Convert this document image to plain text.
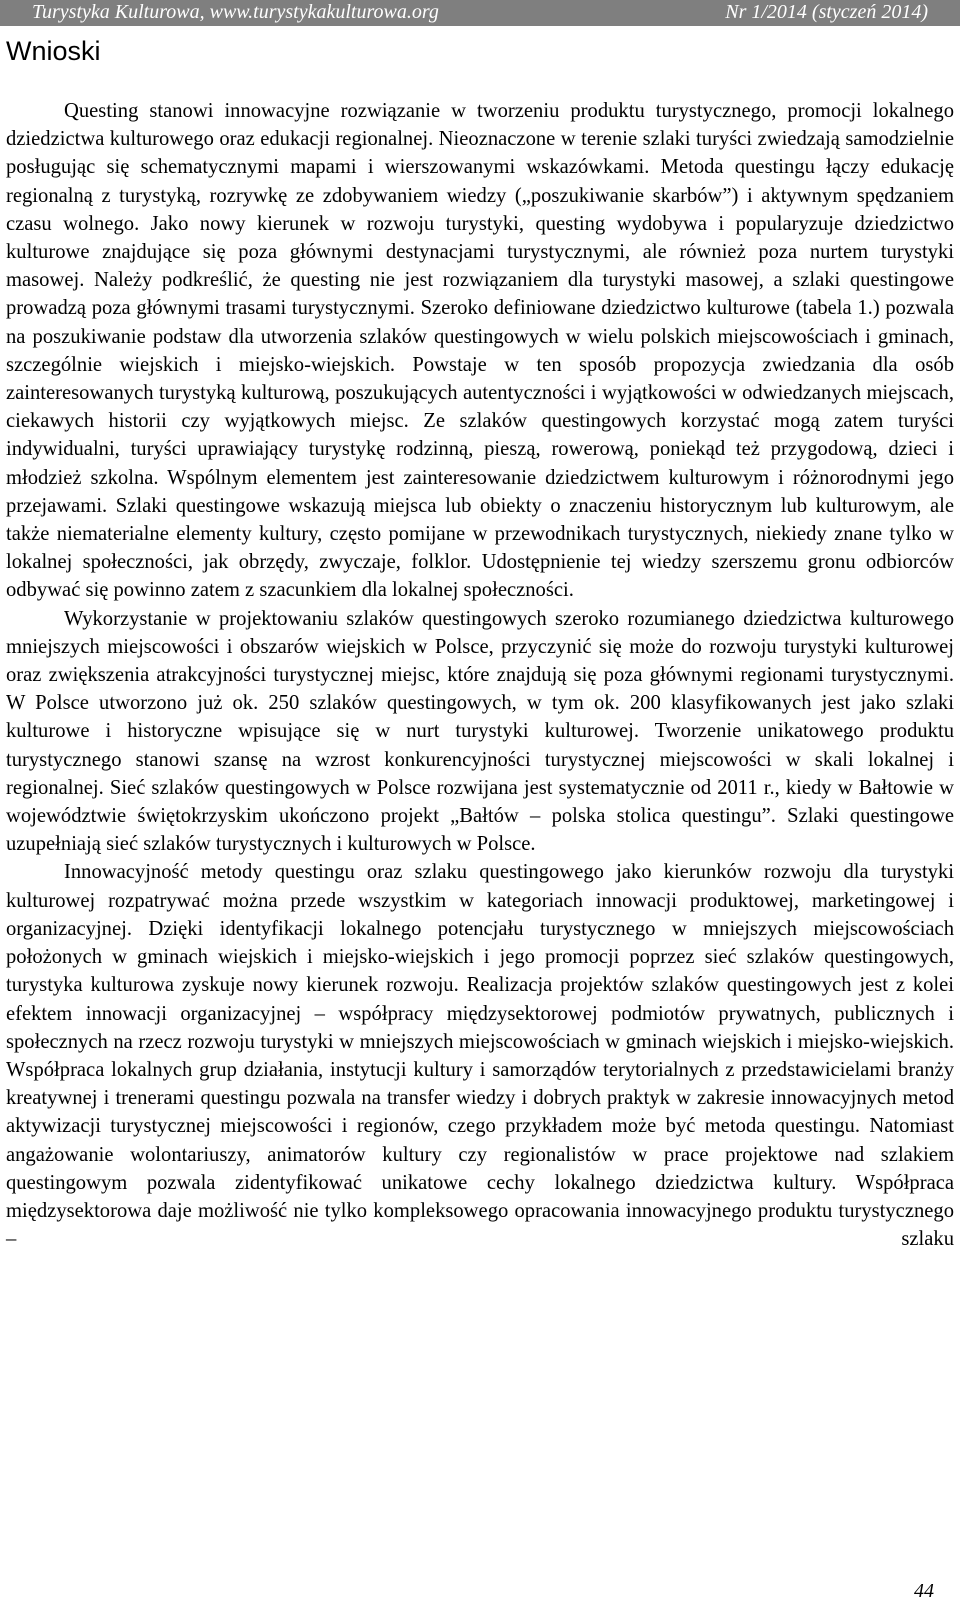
Turystyka Kulturowa, www.turystykakulturowa.org	Nr 1/2014 (styczeń 2014)
Wnioski

Questing stanowi innowacyjne rozwiązanie w tworzeniu produktu turystycznego, promocji lokalnego dziedzictwa kulturowego oraz edukacji regionalnej. Nieoznaczone w terenie szlaki turyści zwiedzają samodzielnie posługując się schematycznymi mapami i wierszowanymi wskazówkami. Metoda questingu łączy edukację regionalną z turystyką, rozrywkę ze zdobywaniem wiedzy („poszukiwanie skarbów”) i aktywnym spędzaniem czasu wolnego. Jako nowy kierunek w rozwoju turystyki, questing wydobywa i popularyzuje dziedzictwo kulturowe znajdujące się poza głównymi destynacjami turystycznymi, ale również poza nurtem turystyki masowej. Należy podkreślić, że questing nie jest rozwiązaniem dla turystyki masowej, a szlaki questingowe prowadzą poza głównymi trasami turystycznymi. Szeroko definiowane dziedzictwo kulturowe (tabela 1.) pozwala na poszukiwanie podstaw dla utworzenia szlaków questingowych w wielu polskich miejscowościach i gminach, szczególnie wiejskich i miejsko-wiejskich. Powstaje w ten sposób propozycja zwiedzania dla osób zainteresowanych turystyką kulturową, poszukujących autentyczności i wyjątkowości w odwiedzanych miejscach, ciekawych historii czy wyjątkowych miejsc. Ze szlaków questingowych korzystać mogą zatem turyści indywidualni, turyści uprawiający turystykę rodzinną, pieszą, rowerową, poniekąd też przygodową, dzieci i młodzież szkolna. Wspólnym elementem jest zainteresowanie dziedzictwem kulturowym i różnorodnymi jego przejawami. Szlaki questingowe wskazują miejsca lub obiekty o znaczeniu historycznym lub kulturowym, ale także niematerialne elementy kultury, często pomijane w przewodnikach turystycznych, niekiedy znane tylko w lokalnej społeczności, jak obrzędy, zwyczaje, folklor. Udostępnienie tej wiedzy szerszemu gronu odbiorców odbywać się powinno zatem z szacunkiem dla lokalnej społeczności.

Wykorzystanie w projektowaniu szlaków questingowych szeroko rozumianego dziedzictwa kulturowego mniejszych miejscowości i obszarów wiejskich w Polsce, przyczynić się może do rozwoju turystyki kulturowej oraz zwiększenia atrakcyjności turystycznej miejsc, które znajdują się poza głównymi regionami turystycznymi. W Polsce utworzono już ok. 250 szlaków questingowych, w tym ok. 200 klasyfikowanych jest jako szlaki kulturowe i historyczne wpisujące się w nurt turystyki kulturowej. Tworzenie unikatowego produktu turystycznego stanowi szansę na wzrost konkurencyjności turystycznej miejscowości w skali lokalnej i regionalnej. Sieć szlaków questingowych w Polsce rozwijana jest systematycznie od 2011 r., kiedy w Bałtowie w województwie świętokrzyskim ukończono projekt „Bałtów – polska stolica questingu”. Szlaki questingowe uzupełniają sieć szlaków turystycznych i kulturowych w Polsce.

Innowacyjność metody questingu oraz szlaku questingowego jako kierunków rozwoju dla turystyki kulturowej rozpatrywać można przede wszystkim w kategoriach innowacji produktowej, marketingowej i organizacyjnej. Dzięki identyfikacji lokalnego potencjału turystycznego w mniejszych miejscowościach położonych w gminach wiejskich i miejsko-wiejskich i jego promocji poprzez sieć szlaków questingowych, turystyka kulturowa zyskuje nowy kierunek rozwoju. Realizacja projektów szlaków questingowych jest z kolei efektem innowacji organizacyjnej – współpracy międzysektorowej podmiotów prywatnych, publicznych i społecznych na rzecz rozwoju turystyki w mniejszych miejscowościach w gminach wiejskich i miejsko-wiejskich. Współpraca lokalnych grup działania, instytucji kultury i samorządów terytorialnych z przedstawicielami branży kreatywnej i trenerami questingu pozwala na transfer wiedzy i dobrych praktyk w zakresie innowacyjnych metod aktywizacji turystycznej miejscowości i regionów, czego przykładem może być metoda questingu. Natomiast angażowanie wolontariuszy, animatorów kultury czy regionalistów w prace projektowe nad szlakiem questingowym pozwala zidentyfikować unikatowe cechy lokalnego dziedzictwa kultury. Współpraca międzysektorowa daje możliwość nie tylko kompleksowego opracowania innowacyjnego produktu turystycznego – szlaku

44
